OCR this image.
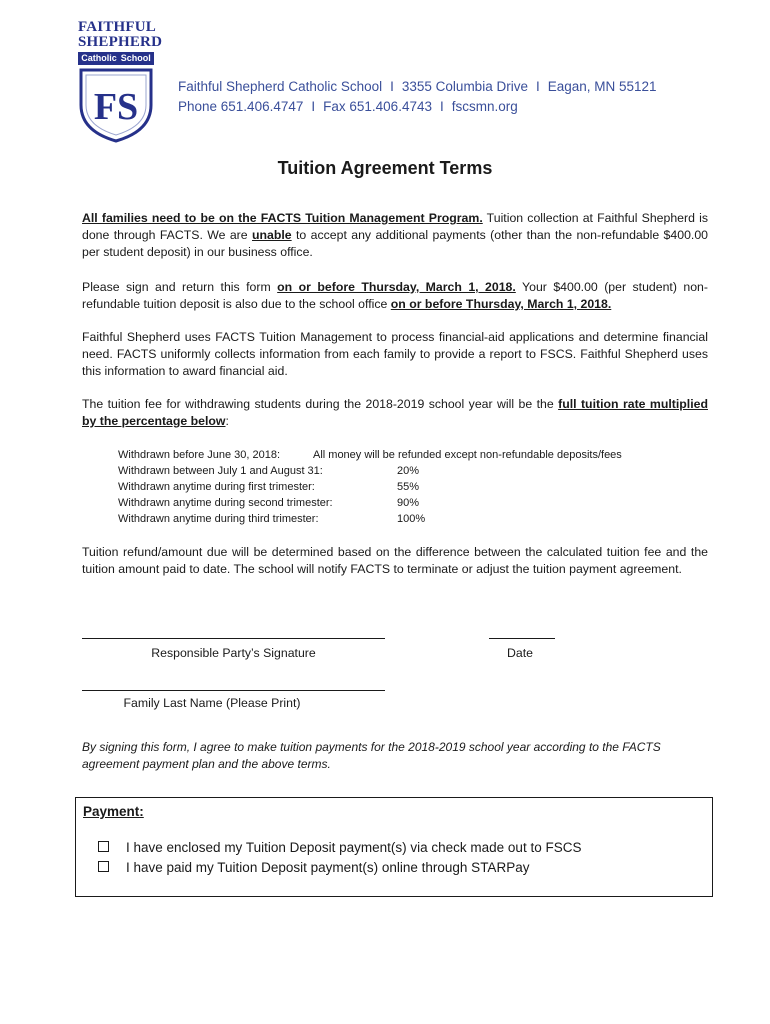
FAITHFUL
SHEPHERD
Catholic School
FS	Faithful Shepherd Catholic School I 3355 Columbia Drive I Eagan, MN 55121
Phone 651.406.4747 I Fax 651.406.4743 I fscsmn.org
Tuition Agreement Terms
All families need to be on the FACTS Tuition Management Program. Tuition collection at Faithful Shepherd is done through FACTS. We are unable to accept any additional payments (other than the non-refundable $400.00 per student deposit) in our business office.
Please sign and return this form on or before Thursday, March 1, 2018. Your $400.00 (per student) non-refundable tuition deposit is also due to the school office on or before Thursday, March 1, 2018.
Faithful Shepherd uses FACTS Tuition Management to process financial-aid applications and determine financial need. FACTS uniformly collects information from each family to provide a report to FSCS. Faithful Shepherd uses this information to award financial aid.
The tuition fee for withdrawing students during the 2018-2019 school year will be the full tuition rate multiplied by the percentage below:
Withdrawn before June 30, 2018:	All money will be refunded except non-refundable deposits/fees
Withdrawn between July 1 and August 31:	20%
Withdrawn anytime during first trimester:	55%
Withdrawn anytime during second trimester:	90%
Withdrawn anytime during third trimester:	100%
Tuition refund/amount due will be determined based on the difference between the calculated tuition fee and the tuition amount paid to date. The school will notify FACTS to terminate or adjust the tuition payment agreement.
Responsible Party’s Signature	Date
Family Last Name (Please Print)
By signing this form, I agree to make tuition payments for the 2018-2019 school year according to the FACTS agreement payment plan and the above terms.
Payment:
I have enclosed my Tuition Deposit payment(s) via check made out to FSCS
I have paid my Tuition Deposit payment(s) online through STARPay
